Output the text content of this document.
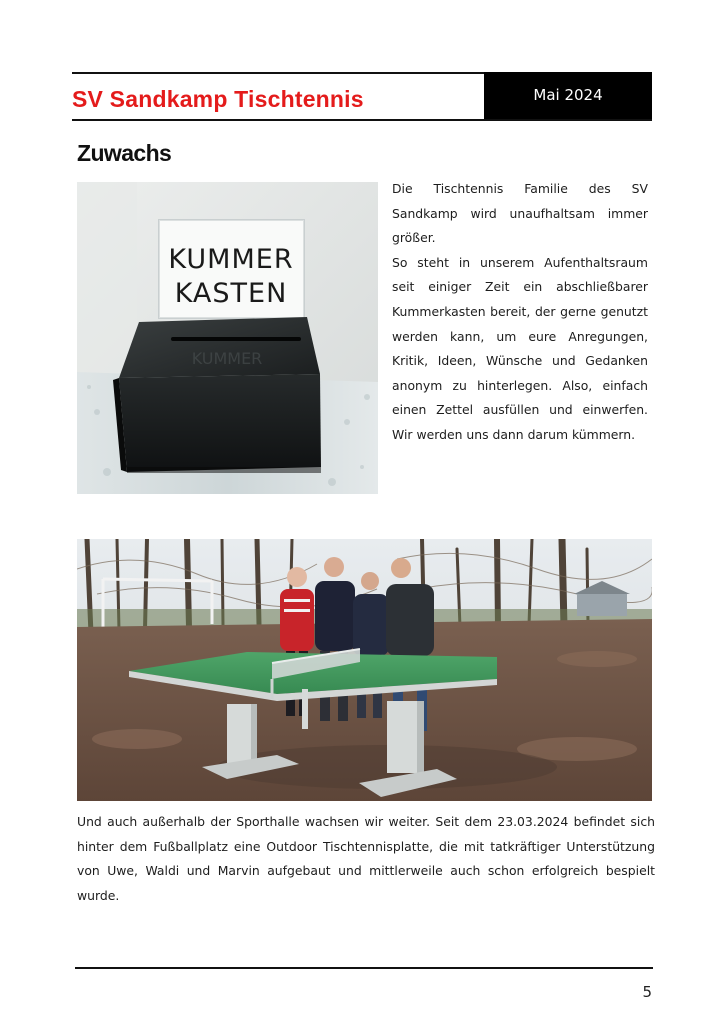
SV Sandkamp Tischtennis	Mai 2024
Zuwachs
KUMMER
KASTEN
KUMMER

Die Tischtennis Familie des SV Sandkamp wird unaufhaltsam immer größer.

So steht in unserem Aufenthaltsraum seit einiger Zeit ein abschließbarer Kummerkasten bereit, der gerne genutzt werden kann, um eure Anregungen, Kritik, Ideen, Wünsche und Gedanken anonym zu hinterlegen. Also, einfach einen Zettel ausfüllen und einwerfen. Wir werden uns dann darum kümmern.

Und auch außerhalb der Sporthalle wachsen wir weiter. Seit dem 23.03.2024 befindet sich hinter dem Fußballplatz eine Outdoor Tischtennisplatte, die mit tatkräftiger Unterstützung von Uwe, Waldi und Marvin aufgebaut und mittlerweile auch schon erfolgreich bespielt wurde.

5
